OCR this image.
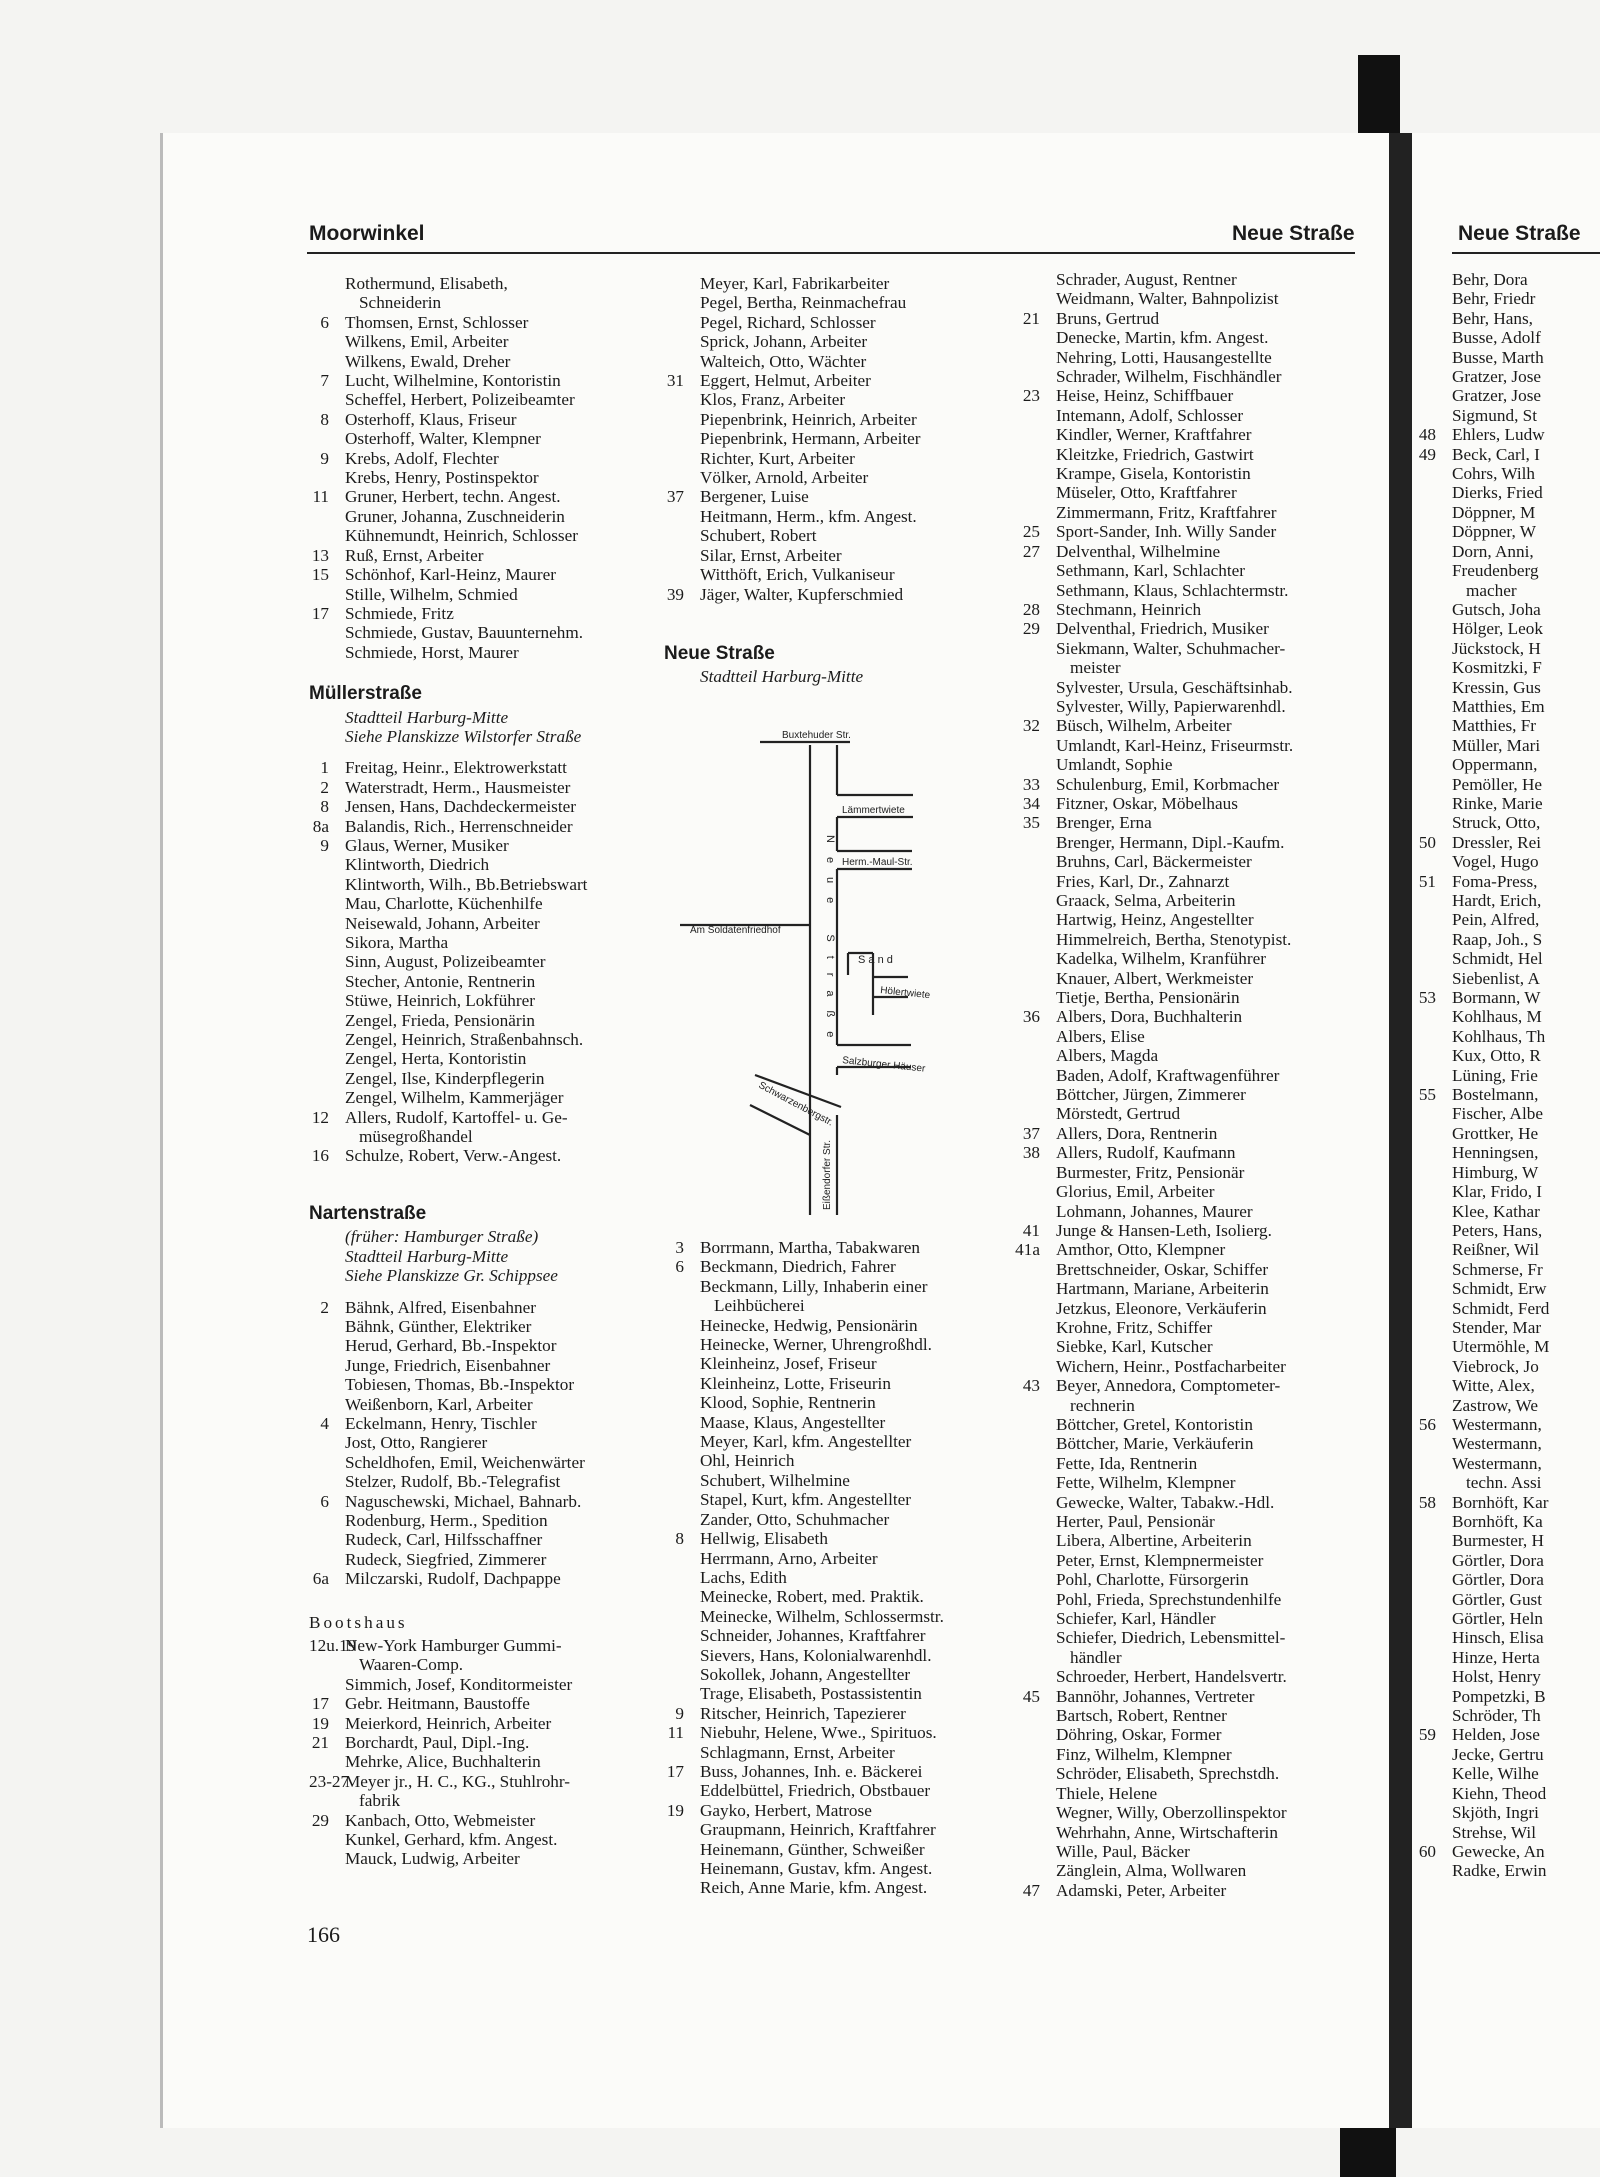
Moorwinkel	Neue Straße	Neue Straße
Rothermund, Elisabeth,
Schneiderin
6 Thomsen, Ernst, Schlosser
Wilkens, Emil, Arbeiter
Wilkens, Ewald, Dreher
7 Lucht, Wilhelmine, Kontoristin
Scheffel, Herbert, Polizeibeamter
8 Osterhoff, Klaus, Friseur
Osterhoff, Walter, Klempner
9 Krebs, Adolf, Flechter
Krebs, Henry, Postinspektor
11 Gruner, Herbert, techn. Angest.
Gruner, Johanna, Zuschneiderin
Kühnemundt, Heinrich, Schlosser
13 Ruß, Ernst, Arbeiter
15 Schönhof, Karl-Heinz, Maurer
Stille, Wilhelm, Schmied
17 Schmiede, Fritz
Schmiede, Gustav, Bauunternehm.
Schmiede, Horst, Maurer
Müllerstraße
Stadtteil Harburg-Mitte
Siehe Planskizze Wilstorfer Straße
1 Freitag, Heinr., Elektrowerkstatt
2 Waterstradt, Herm., Hausmeister
8 Jensen, Hans, Dachdeckermeister
8a Balandis, Rich., Herrenschneider
9 Glaus, Werner, Musiker
Klintworth, Diedrich
Klintworth, Wilh., Bb.Betriebswart
Mau, Charlotte, Küchenhilfe
Neisewald, Johann, Arbeiter
Sikora, Martha
Sinn, August, Polizeibeamter
Stecher, Antonie, Rentnerin
Stüwe, Heinrich, Lokführer
Zengel, Frieda, Pensionärin
Zengel, Heinrich, Straßenbahnsch.
Zengel, Herta, Kontoristin
Zengel, Ilse, Kinderpflegerin
Zengel, Wilhelm, Kammerjäger
12 Allers, Rudolf, Kartoffel- u. Ge-
müsegroßhandel
16 Schulze, Robert, Verw.-Angest.
Nartenstraße
(früher: Hamburger Straße)
Stadtteil Harburg-Mitte
Siehe Planskizze Gr. Schippsee
2 Bähnk, Alfred, Eisenbahner
Bähnk, Günther, Elektriker
Herud, Gerhard, Bb.-Inspektor
Junge, Friedrich, Eisenbahner
Tobiesen, Thomas, Bb.-Inspektor
Weißenborn, Karl, Arbeiter
4 Eckelmann, Henry, Tischler
Jost, Otto, Rangierer
Scheldhofen, Emil, Weichenwärter
Stelzer, Rudolf, Bb.-Telegrafist
6 Naguschewski, Michael, Bahnarb.
Rodenburg, Herm., Spedition
Rudeck, Carl, Hilfsschaffner
Rudeck, Siegfried, Zimmerer
6a Milczarski, Rudolf, Dachpappe
Bootshaus
12u.19
New-York Hamburger Gummi-
Waaren-Comp.
Simmich, Josef, Konditormeister
17 Gebr. Heitmann, Baustoffe
19 Meierkord, Heinrich, Arbeiter
21 Borchardt, Paul, Dipl.-Ing.
Mehrke, Alice, Buchhalterin
23-27
Meyer jr., H. C., KG., Stuhlrohr-
fabrik
29 Kanbach, Otto, Webmeister
Kunkel, Gerhard, kfm. Angest.
Mauck, Ludwig, Arbeiter
166
Meyer, Karl, Fabrikarbeiter
Pegel, Bertha, Reinmachefrau
Pegel, Richard, Schlosser
Sprick, Johann, Arbeiter
Walteich, Otto, Wächter
31 Eggert, Helmut, Arbeiter
Klos, Franz, Arbeiter
Piepenbrink, Heinrich, Arbeiter
Piepenbrink, Hermann, Arbeiter
Richter, Kurt, Arbeiter
Völker, Arnold, Arbeiter
37 Bergener, Luise
Heitmann, Herm., kfm. Angest.
Schubert, Robert
Silar, Ernst, Arbeiter
Witthöft, Erich, Vulkaniseur
39 Jäger, Walter, Kupferschmied
Neue Straße
Stadtteil Harburg-Mitte
Buxtehuder Str.
Lämmertwiete
Herm.-Maul-Str.
Am Soldatenfriedhof
S a n d
Hölertwiete
Salzburger Häuser
Schwarzenbergstr.
Eißendorfer Str.
Neue Straße
3 Borrmann, Martha, Tabakwaren
6 Beckmann, Diedrich, Fahrer
Beckmann, Lilly, Inhaberin einer
Leihbücherei
Heinecke, Hedwig, Pensionärin
Heinecke, Werner, Uhrengroßhdl.
Kleinheinz, Josef, Friseur
Kleinheinz, Lotte, Friseurin
Klood, Sophie, Rentnerin
Maase, Klaus, Angestellter
Meyer, Karl, kfm. Angestellter
Ohl, Heinrich
Schubert, Wilhelmine
Stapel, Kurt, kfm. Angestellter
Zander, Otto, Schuhmacher
8 Hellwig, Elisabeth
Herrmann, Arno, Arbeiter
Lachs, Edith
Meinecke, Robert, med. Praktik.
Meinecke, Wilhelm, Schlossermstr.
Schneider, Johannes, Kraftfahrer
Sievers, Hans, Kolonialwarenhdl.
Sokollek, Johann, Angestellter
Trage, Elisabeth, Postassistentin
9 Ritscher, Heinrich, Tapezierer
11 Niebuhr, Helene, Wwe., Spirituos.
Schlagmann, Ernst, Arbeiter
17 Buss, Johannes, Inh. e. Bäckerei
Eddelbüttel, Friedrich, Obstbauer
19 Gayko, Herbert, Matrose
Graupmann, Heinrich, Kraftfahrer
Heinemann, Günther, Schweißer
Heinemann, Gustav, kfm. Angest.
Reich, Anne Marie, kfm. Angest.
Schrader, August, Rentner
Weidmann, Walter, Bahnpolizist
21 Bruns, Gertrud
Denecke, Martin, kfm. Angest.
Nehring, Lotti, Hausangestellte
Schrader, Wilhelm, Fischhändler
23 Heise, Heinz, Schiffbauer
Intemann, Adolf, Schlosser
Kindler, Werner, Kraftfahrer
Kleitzke, Friedrich, Gastwirt
Krampe, Gisela, Kontoristin
Müseler, Otto, Kraftfahrer
Zimmermann, Fritz, Kraftfahrer
25 Sport-Sander, Inh. Willy Sander
27 Delventhal, Wilhelmine
Sethmann, Karl, Schlachter
Sethmann, Klaus, Schlachtermstr.
28 Stechmann, Heinrich
29 Delventhal, Friedrich, Musiker
Siekmann, Walter, Schuhmacher-
meister
Sylvester, Ursula, Geschäftsinhab.
Sylvester, Willy, Papierwarenhdl.
32 Büsch, Wilhelm, Arbeiter
Umlandt, Karl-Heinz, Friseurmstr.
Umlandt, Sophie
33 Schulenburg, Emil, Korbmacher
34 Fitzner, Oskar, Möbelhaus
35 Brenger, Erna
Brenger, Hermann, Dipl.-Kaufm.
Bruhns, Carl, Bäckermeister
Fries, Karl, Dr., Zahnarzt
Graack, Selma, Arbeiterin
Hartwig, Heinz, Angestellter
Himmelreich, Bertha, Stenotypist.
Kadelka, Wilhelm, Kranführer
Knauer, Albert, Werkmeister
Tietje, Bertha, Pensionärin
36 Albers, Dora, Buchhalterin
Albers, Elise
Albers, Magda
Baden, Adolf, Kraftwagenführer
Böttcher, Jürgen, Zimmerer
Mörstedt, Gertrud
37 Allers, Dora, Rentnerin
38 Allers, Rudolf, Kaufmann
Burmester, Fritz, Pensionär
Glorius, Emil, Arbeiter
Lohmann, Johannes, Maurer
41 Junge & Hansen-Leth, Isolierg.
41a Amthor, Otto, Klempner
Brettschneider, Oskar, Schiffer
Hartmann, Mariane, Arbeiterin
Jetzkus, Eleonore, Verkäuferin
Krohne, Fritz, Schiffer
Siebke, Karl, Kutscher
Wichern, Heinr., Postfacharbeiter
43 Beyer, Annedora, Comptometer-
rechnerin
Böttcher, Gretel, Kontoristin
Böttcher, Marie, Verkäuferin
Fette, Ida, Rentnerin
Fette, Wilhelm, Klempner
Gewecke, Walter, Tabakw.-Hdl.
Herter, Paul, Pensionär
Libera, Albertine, Arbeiterin
Peter, Ernst, Klempnermeister
Pohl, Charlotte, Fürsorgerin
Pohl, Frieda, Sprechstundenhilfe
Schiefer, Karl, Händler
Schiefer, Diedrich, Lebensmittel-
händler
Schroeder, Herbert, Handelsvertr.
45 Bannöhr, Johannes, Vertreter
Bartsch, Robert, Rentner
Döhring, Oskar, Former
Finz, Wilhelm, Klempner
Schröder, Elisabeth, Sprechstdh.
Thiele, Helene
Wegner, Willy, Oberzollinspektor
Wehrhahn, Anne, Wirtschafterin
Wille, Paul, Bäcker
Zänglein, Alma, Wollwaren
47 Adamski, Peter, Arbeiter
Behr, Dora
Behr, Friedr
Behr, Hans,
Busse, Adolf
Busse, Marth
Gratzer, Jose
Gratzer, Jose
Sigmund, St
48 Ehlers, Ludw
49 Beck, Carl, I
Cohrs, Wilh
Dierks, Fried
Döppner, M
Döppner, W
Dorn, Anni,
Freudenberg
macher
Gutsch, Joha
Hölger, Leok
Jückstock, H
Kosmitzki, F
Kressin, Gus
Matthies, Em
Matthies, Fr
Müller, Mari
Oppermann,
Pemöller, He
Rinke, Marie
Struck, Otto,
50 Dressler, Rei
Vogel, Hugo
51 Foma-Press,
Hardt, Erich,
Pein, Alfred,
Raap, Joh., S
Schmidt, Hel
Siebenlist, A
53 Bormann, W
Kohlhaus, M
Kohlhaus, Th
Kux, Otto, R
Lüning, Frie
55 Bostelmann,
Fischer, Albe
Grottker, He
Henningsen,
Himburg, W
Klar, Frido, I
Klee, Kathar
Peters, Hans,
Reißner, Wil
Schmerse, Fr
Schmidt, Erw
Schmidt, Ferd
Stender, Mar
Utermöhle, M
Viebrock, Jo
Witte, Alex,
Zastrow, We
56 Westermann,
Westermann,
Westermann,
techn. Assi
58 Bornhöft, Kar
Bornhöft, Ka
Burmester, H
Görtler, Dora
Görtler, Dora
Görtler, Gust
Görtler, Heln
Hinsch, Elisa
Hinze, Herta
Holst, Henry
Pompetzki, B
Schröder, Th
59 Helden, Jose
Jecke, Gertru
Kelle, Wilhe
Kiehn, Theod
Skjöth, Ingri
Strehse, Wil
60 Gewecke, An
Radke, Erwin
